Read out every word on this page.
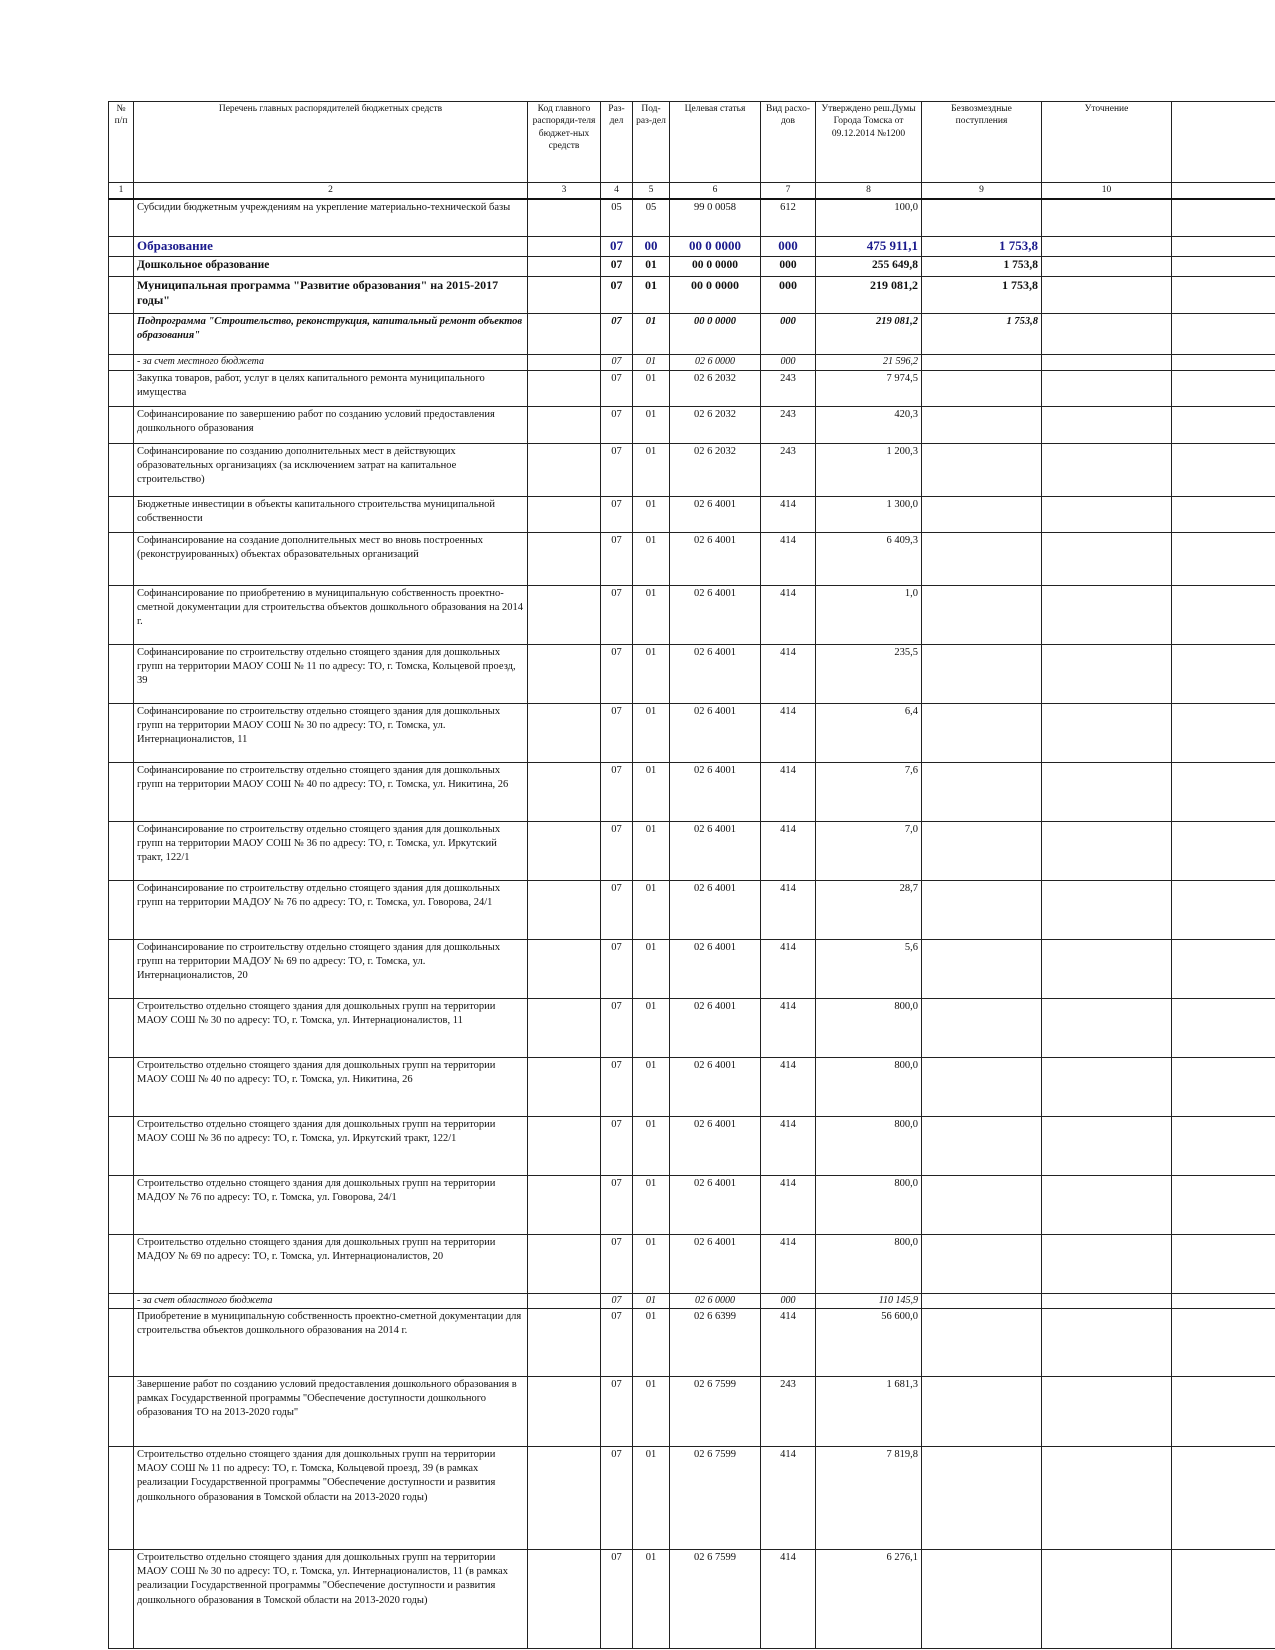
№ п/п	Перечень главных распорядителей бюджетных средств	Код главного распоряди-теля бюджет-ных средств	Раз-дел	Под-раз-дел	Целевая статья	Вид расхо-дов	Утверждено реш.Думы Города Томска от 09.12.2014 №1200	Безвозмездные поступления	Уточнение	
1	2	3	4	5	6	7	8	9	10	
	Субсидии бюджетным учреждениям на укрепление материально-технической базы		05	05	99 0 0058	612	100,0			
	Образование		07	00	00 0 0000	000	475 911,1	1 753,8		
	Дошкольное образование		07	01	00 0 0000	000	255 649,8	1 753,8		
	Муниципальная программа "Развитие образования" на 2015-2017 годы"		07	01	00 0 0000	000	219 081,2	1 753,8		
	Подпрограмма "Строительство, реконструкция, капитальный ремонт объектов образования"		07	01	00 0 0000	000	219 081,2	1 753,8		
	- за счет местного бюджета		07	01	02 6 0000	000	21 596,2			
	Закупка товаров, работ, услуг в целях капитального ремонта муниципального имущества		07	01	02 6 2032	243	7 974,5			
	Софинансирование по завершению работ по созданию условий предоставления дошкольного образования		07	01	02 6 2032	243	420,3			
	Софинансирование по созданию дополнительных мест в действующих образовательных организациях (за исключением затрат на капитальное строительство)		07	01	02 6 2032	243	1 200,3			
	Бюджетные инвестиции в объекты капитального строительства муниципальной собственности		07	01	02 6 4001	414	1 300,0			
	Софинансирование на создание дополнительных мест во вновь построенных (реконструированных) объектах образовательных организаций		07	01	02 6 4001	414	6 409,3			
	Софинансирование по приобретению в муниципальную собственность проектно-сметной документации для строительства объектов дошкольного образования на 2014 г.		07	01	02 6 4001	414	1,0			
	Софинансирование по строительству отдельно стоящего здания для дошкольных групп на территории МАОУ СОШ № 11 по адресу: ТО, г. Томска, Кольцевой проезд, 39		07	01	02 6 4001	414	235,5			
	Софинансирование по строительству отдельно стоящего здания для дошкольных групп на территории МАОУ СОШ № 30 по адресу: ТО, г. Томска, ул. Интернационалистов, 11		07	01	02 6 4001	414	6,4			
	Софинансирование по строительству отдельно стоящего здания для дошкольных групп на территории МАОУ СОШ № 40 по адресу: ТО, г. Томска, ул. Никитина, 26		07	01	02 6 4001	414	7,6			
	Софинансирование по строительству отдельно стоящего здания для дошкольных групп на территории МАОУ СОШ № 36 по адресу: ТО, г. Томска, ул. Иркутский тракт, 122/1		07	01	02 6 4001	414	7,0			
	Софинансирование по строительству отдельно стоящего здания для дошкольных групп на территории МАДОУ № 76 по адресу: ТО, г. Томска, ул. Говорова, 24/1		07	01	02 6 4001	414	28,7			
	Софинансирование по строительству отдельно стоящего здания для дошкольных групп на территории МАДОУ № 69 по адресу: ТО, г. Томска, ул. Интернационалистов, 20		07	01	02 6 4001	414	5,6			
	Строительство отдельно стоящего здания для дошкольных групп на территории МАОУ СОШ № 30 по адресу: ТО, г. Томска, ул. Интернационалистов, 11		07	01	02 6 4001	414	800,0			
	Строительство отдельно стоящего здания для дошкольных групп на территории МАОУ СОШ № 40 по адресу: ТО, г. Томска, ул. Никитина, 26		07	01	02 6 4001	414	800,0			
	Строительство отдельно стоящего здания для дошкольных групп на территории МАОУ СОШ № 36 по адресу: ТО, г. Томска, ул. Иркутский тракт, 122/1		07	01	02 6 4001	414	800,0			
	Строительство отдельно стоящего здания для дошкольных групп на территории МАДОУ № 76 по адресу: ТО, г. Томска, ул. Говорова, 24/1		07	01	02 6 4001	414	800,0			
	Строительство отдельно стоящего здания для дошкольных групп на территории МАДОУ № 69 по адресу: ТО, г. Томска, ул. Интернационалистов, 20		07	01	02 6 4001	414	800,0			
	- за счет областного бюджета		07	01	02 6 0000	000	110 145,9			
	Приобретение в муниципальную собственность проектно-сметной документации для строительства объектов дошкольного образования на 2014 г.		07	01	02 6 6399	414	56 600,0			
	Завершение работ по созданию условий предоставления дошкольного образования в рамках Государственной программы "Обеспечение доступности дошкольного образования ТО на 2013-2020 годы"		07	01	02 6 7599	243	1 681,3			
	Строительство отдельно стоящего здания для дошкольных групп на территории МАОУ СОШ № 11 по адресу: ТО, г. Томска, Кольцевой проезд, 39 (в рамках реализации Государственной программы "Обеспечение доступности и развития дошкольного образования в Томской области на 2013-2020 годы)		07	01	02 6 7599	414	7 819,8			
	Строительство отдельно стоящего здания для дошкольных групп на территории МАОУ СОШ № 30 по адресу: ТО, г. Томска, ул. Интернационалистов, 11 (в рамках реализации Государственной программы "Обеспечение доступности и развития дошкольного образования в Томской области на 2013-2020 годы)		07	01	02 6 7599	414	6 276,1			
